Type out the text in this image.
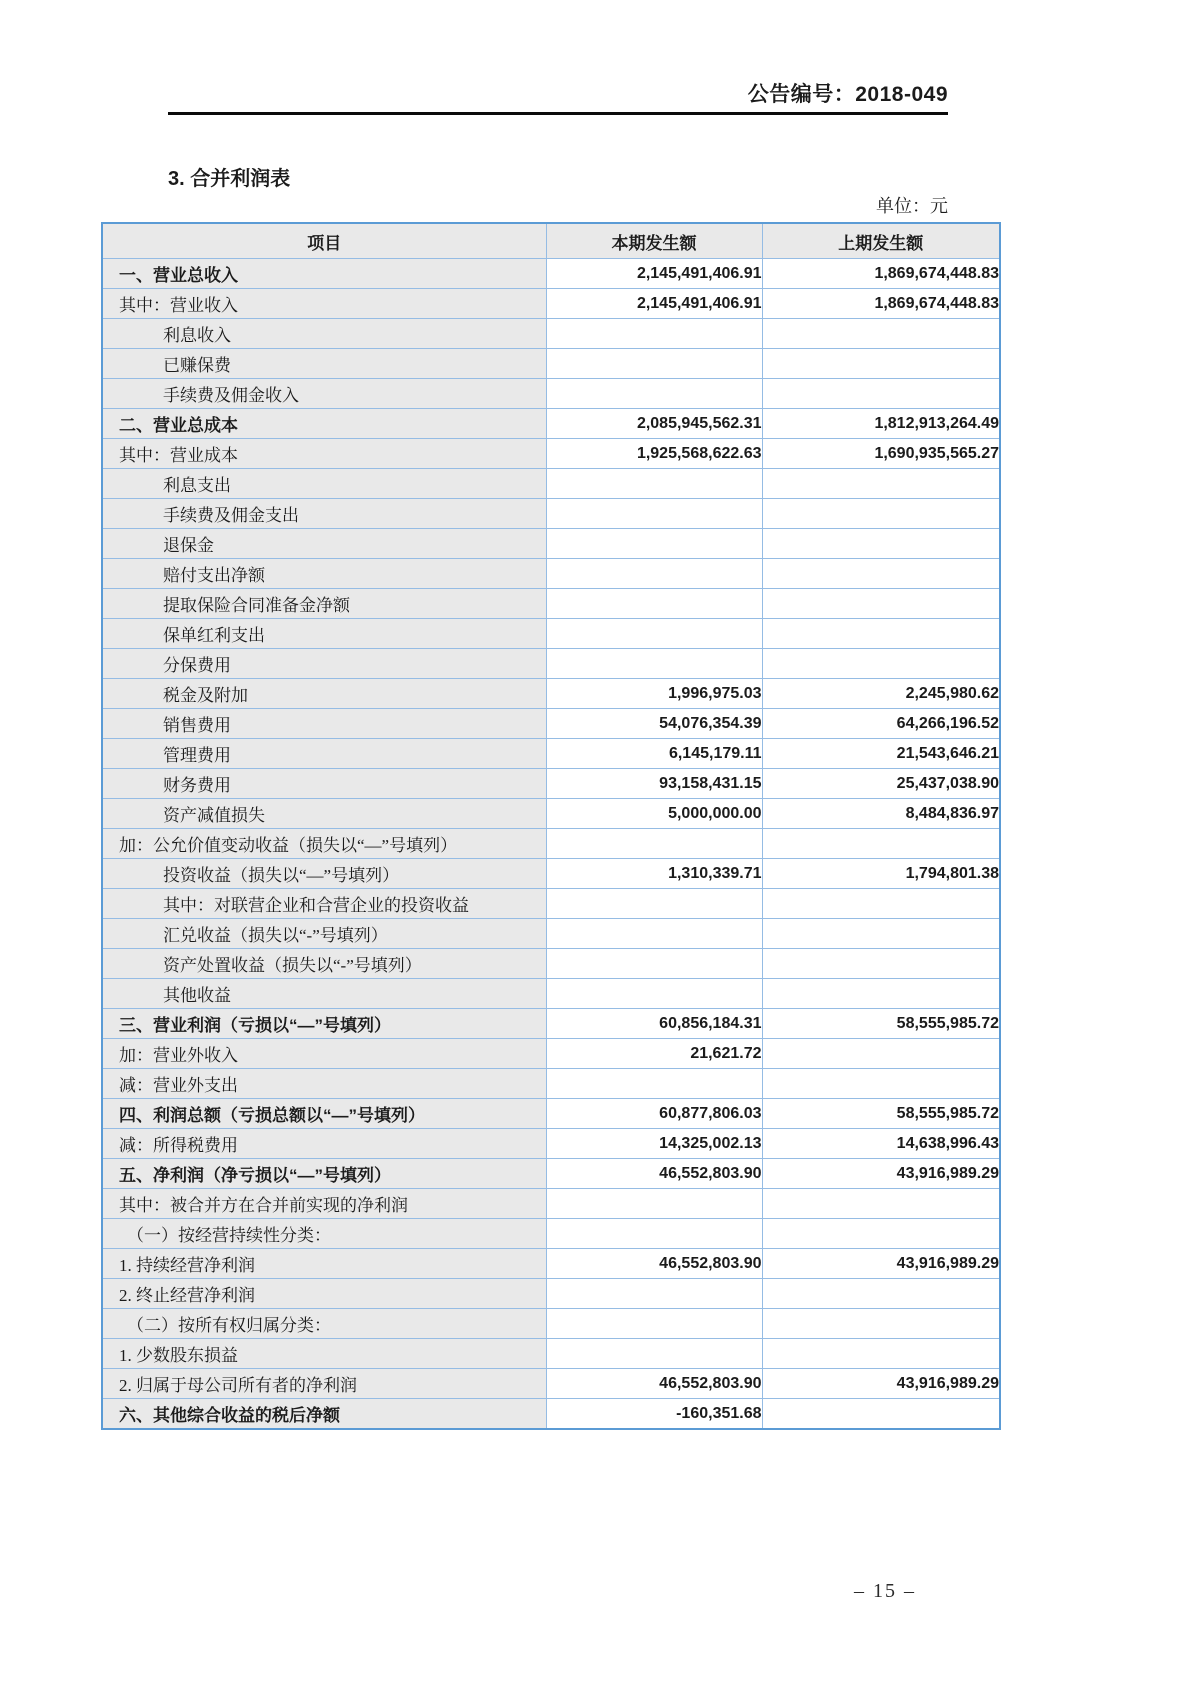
公告编号：2018-049
3. 合并利润表
单位：元
项目	本期发生额	上期发生额
一、营业总收入	2,145,491,406.91	1,869,674,448.83
其中：营业收入	2,145,491,406.91	1,869,674,448.83
利息收入		
已赚保费		
手续费及佣金收入		
二、营业总成本	2,085,945,562.31	1,812,913,264.49
其中：营业成本	1,925,568,622.63	1,690,935,565.27
利息支出		
手续费及佣金支出		
退保金		
赔付支出净额		
提取保险合同准备金净额		
保单红利支出		
分保费用		
税金及附加	1,996,975.03	2,245,980.62
销售费用	54,076,354.39	64,266,196.52
管理费用	6,145,179.11	21,543,646.21
财务费用	93,158,431.15	25,437,038.90
资产减值损失	5,000,000.00	8,484,836.97
加：公允价值变动收益（损失以“—”号填列）		
投资收益（损失以“—”号填列）	1,310,339.71	1,794,801.38
其中：对联营企业和合营企业的投资收益		
汇兑收益（损失以“-”号填列）		
资产处置收益（损失以“-”号填列）		
其他收益		
三、营业利润（亏损以“—”号填列）	60,856,184.31	58,555,985.72
加：营业外收入	21,621.72	
减：营业外支出		
四、利润总额（亏损总额以“—”号填列）	60,877,806.03	58,555,985.72
减：所得税费用	14,325,002.13	14,638,996.43
五、净利润（净亏损以“—”号填列）	46,552,803.90	43,916,989.29
其中：被合并方在合并前实现的净利润		
（一）按经营持续性分类：		
1. 持续经营净利润	46,552,803.90	43,916,989.29
2. 终止经营净利润		
（二）按所有权归属分类：		
1. 少数股东损益		
2. 归属于母公司所有者的净利润	46,552,803.90	43,916,989.29
六、其他综合收益的税后净额	-160,351.68	
– 15 –
